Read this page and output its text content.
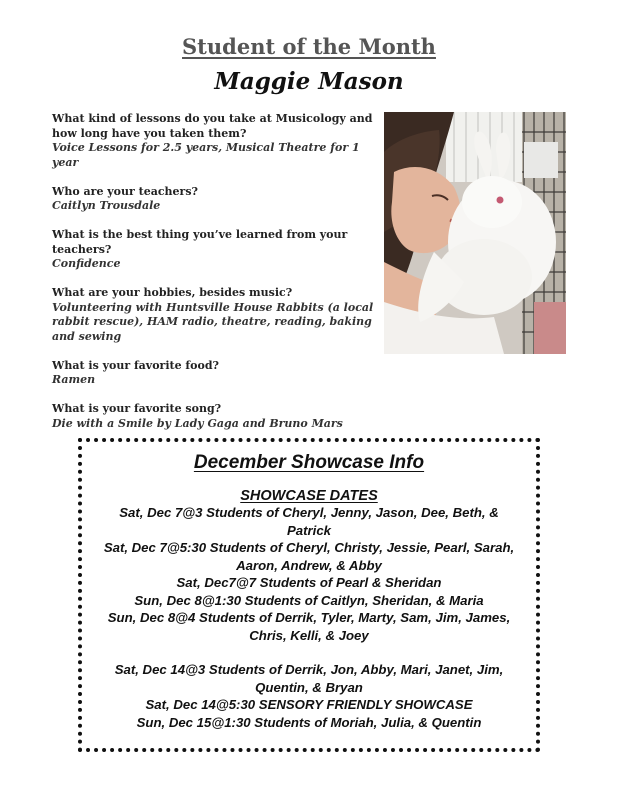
Student of the Month
Maggie Mason
What kind of lessons do you take at Musicology and how long have you taken them?
Voice Lessons for 2.5 years, Musical Theatre for 1 year
Who are your teachers?
Caitlyn Trousdale
What is the best thing you’ve learned from your teachers?
Confidence
What are your hobbies, besides music?
Volunteering with Huntsville House Rabbits (a local rabbit rescue), HAM radio, theatre, reading, baking and sewing
What is your favorite food?
Ramen
What is your favorite song?
Die with a Smile by Lady Gaga and Bruno Mars
December Showcase Info
SHOWCASE DATES
Sat, Dec 7@3 Students of Cheryl, Jenny, Jason, Dee, Beth, & Patrick
Sat, Dec 7@5:30 Students of Cheryl, Christy, Jessie, Pearl, Sarah, Aaron, Andrew, & Abby
Sat, Dec7@7 Students of Pearl & Sheridan
Sun, Dec 8@1:30 Students of Caitlyn, Sheridan, & Maria
Sun, Dec 8@4 Students of Derrik, Tyler, Marty, Sam, Jim, James, Chris, Kelli, & Joey
Sat, Dec 14@3 Students of Derrik, Jon, Abby, Mari, Janet, Jim, Quentin, & Bryan
Sat, Dec 14@5:30 SENSORY FRIENDLY SHOWCASE
Sun, Dec 15@1:30 Students of Moriah, Julia, & Quentin
